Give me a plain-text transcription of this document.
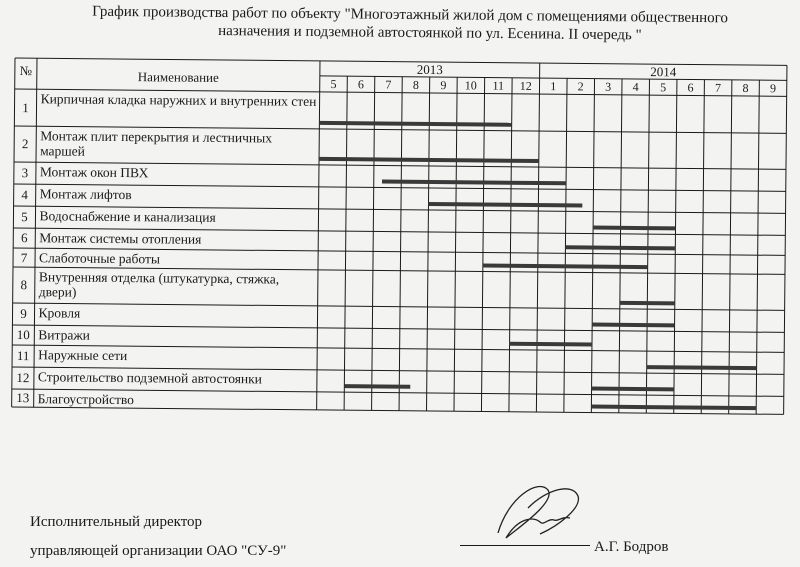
График производства работ по объекту "Многоэтажный жилой дом с помещениями общественного
назначения и подземной автостоянкой по ул. Есенина. II очередь "
№	Наименование	2013	2014
5	6	7	8	9	10	11	12	1	2	3	4	5	6	7	8	9
1 Кирпичная кладка наружних и внутренних стен
2 Монтаж плит перекрытия и лестничных маршей
3 Монтаж окон ПВХ
4 Монтаж лифтов
5 Водоснабжение и канализация
6 Монтаж системы отопления
7 Слаботочные работы
8 Внутренняя отделка (штукатурка, стяжка, двери)
9 Кровля
10 Витражи
11 Наружные сети
12 Строительство подземной автостоянки
13 Благоустройство
Исполнительный директор
управляющей организации ОАО "СУ-9"	А.Г. Бодров
